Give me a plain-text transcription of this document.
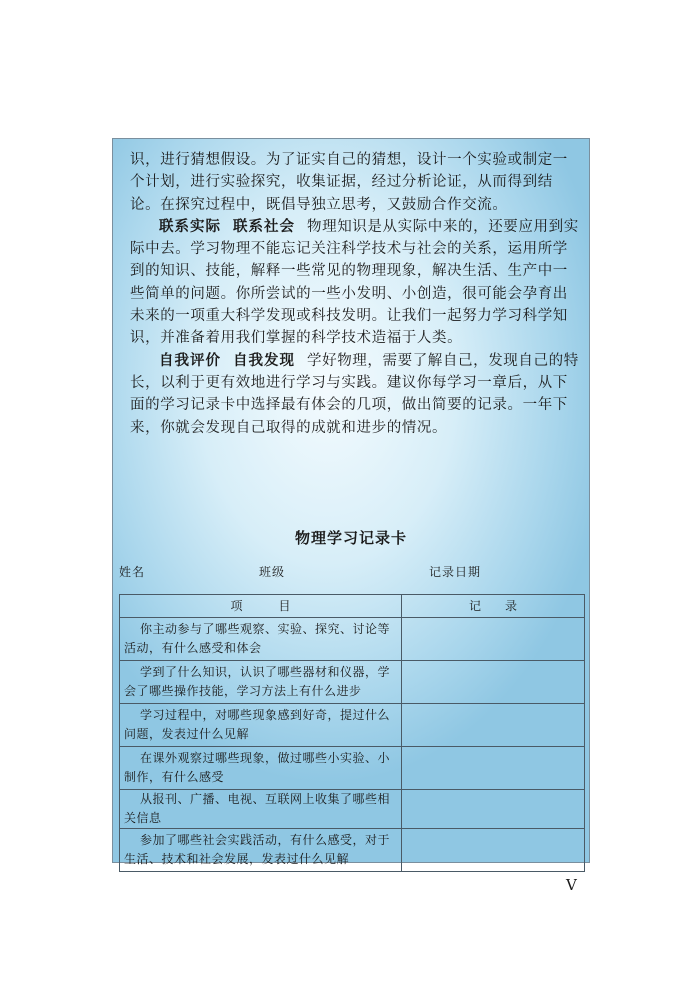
识，进行猜想假设。为了证实自己的猜想，设计一个实验或制定一个计划，进行实验探究，收集证据，经过分析论证，从而得到结论。在探究过程中，既倡导独立思考，又鼓励合作交流。

联系实际 联系社会 物理知识是从实际中来的，还要应用到实际中去。学习物理不能忘记关注科学技术与社会的关系，运用所学到的知识、技能，解释一些常见的物理现象，解决生活、生产中一些简单的问题。你所尝试的一些小发明、小创造，很可能会孕育出未来的一项重大科学发现或科技发明。让我们一起努力学习科学知识，并准备着用我们掌握的科学技术造福于人类。

自我评价 自我发现 学好物理，需要了解自己，发现自己的特长，以利于更有效地进行学习与实践。建议你每学习一章后，从下面的学习记录卡中选择最有体会的几项，做出简要的记录。一年下来，你就会发现自己取得的成就和进步的情况。

物理学习记录卡
姓名	班级	记录日期
项　　　目	记　　录
你主动参与了哪些观察、实验、探究、讨论等活动，有什么感受和体会	
学到了什么知识，认识了哪些器材和仪器，学会了哪些操作技能，学习方法上有什么进步	
学习过程中，对哪些现象感到好奇，提过什么问题，发表过什么见解	
在课外观察过哪些现象，做过哪些小实验、小制作，有什么感受	
从报刊、广播、电视、互联网上收集了哪些相关信息	
参加了哪些社会实践活动，有什么感受，对于生活、技术和社会发展，发表过什么见解	
V
